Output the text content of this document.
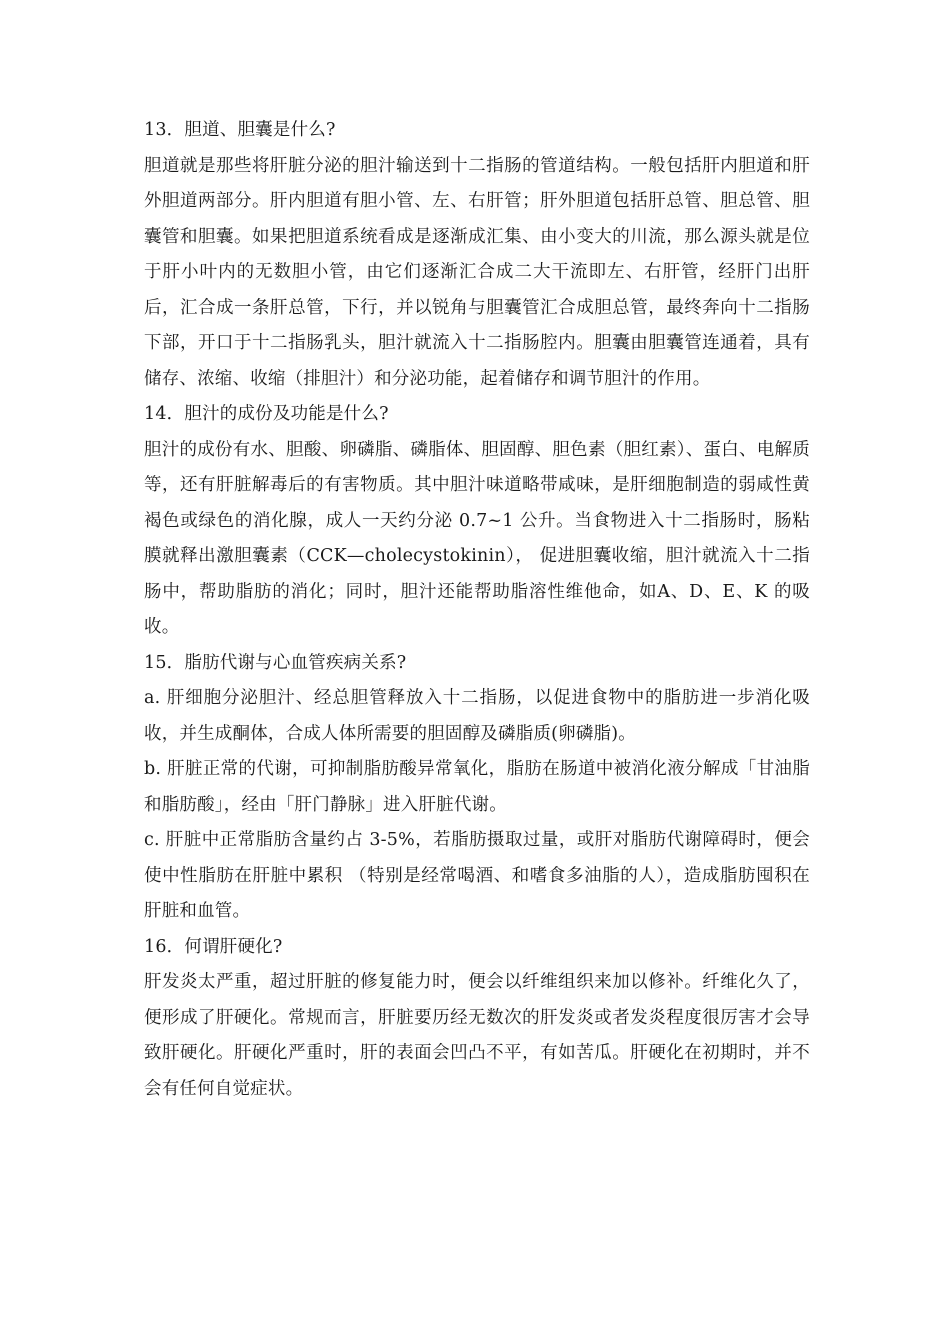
13．胆道、胆囊是什么?

胆道就是那些将肝脏分泌的胆汁输送到十二指肠的管道结构。一般包括肝内胆道和肝外胆道两部分。肝内胆道有胆小管、左、右肝管；肝外胆道包括肝总管、胆总管、胆囊管和胆囊。如果把胆道系统看成是逐渐成汇集、由小变大的川流，那么源头就是位于肝小叶内的无数胆小管，由它们逐渐汇合成二大干流即左、右肝管，经肝门出肝后，汇合成一条肝总管，下行，并以锐角与胆囊管汇合成胆总管，最终奔向十二指肠下部，开口于十二指肠乳头，胆汁就流入十二指肠腔内。胆囊由胆囊管连通着，具有储存、浓缩、收缩（排胆汁）和分泌功能，起着储存和调节胆汁的作用。

14．胆汁的成份及功能是什么?

胆汁的成份有水、胆酸、卵磷脂、磷脂体、胆固醇、胆色素（胆红素）、蛋白、电解质等，还有肝脏解毒后的有害物质。其中胆汁味道略带咸味，是肝细胞制造的弱咸性黄褐色或绿色的消化腺，成人一天约分泌 0.7~1 公升。当食物进入十二指肠时，肠粘膜就释出激胆囊素（CCK—cholecystokinin）， 促进胆囊收缩，胆汁就流入十二指肠中，帮助脂肪的消化；同时，胆汁还能帮助脂溶性维他命，如A、D、E、K 的吸收。

15．脂肪代谢与心血管疾病关系?

a. 肝细胞分泌胆汁、经总胆管释放入十二指肠，以促进食物中的脂肪进一步消化吸收，并生成酮体，合成人体所需要的胆固醇及磷脂质(卵磷脂)。

b. 肝脏正常的代谢，可抑制脂肪酸异常氧化，脂肪在肠道中被消化液分解成「甘油脂和脂肪酸」，经由「肝门静脉」进入肝脏代谢。

c. 肝脏中正常脂肪含量约占 3-5%，若脂肪摄取过量，或肝对脂肪代谢障碍时，便会使中性脂肪在肝脏中累积 （特别是经常喝酒、和嗜食多油脂的人），造成脂肪囤积在肝脏和血管。

16．何谓肝硬化?

肝发炎太严重，超过肝脏的修复能力时，便会以纤维组织来加以修补。纤维化久了，便形成了肝硬化。常规而言，肝脏要历经无数次的肝发炎或者发炎程度很厉害才会导致肝硬化。肝硬化严重时，肝的表面会凹凸不平，有如苦瓜。肝硬化在初期时，并不会有任何自觉症状。
